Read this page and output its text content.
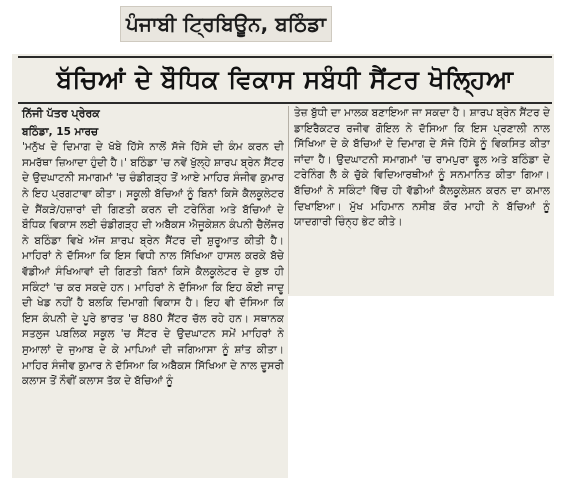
ਪੰਜਾਬੀ ਟ੍ਰਿਬਿਊਨ, ਬਠਿੰਡਾ
ਬੱਚਿਆਂ ਦੇ ਬੌਧਿਕ ਵਿਕਾਸ ਸਬੰਧੀ ਸੈਂਟਰ ਖੋਲ੍ਹਿਆ
ਨਿੱਜੀ ਪੱਤਰ ਪ੍ਰੇਰਕ
ਬਠਿੰਡਾ, 15 ਮਾਰਚ

'ਮਨੁੱਖ ਦੇ ਦਿਮਾਗ ਦੇ ਖੱਬੇ ਹਿੱਸੇ ਨਾਲੋਂ ਸੱਜੇ ਹਿੱਸੇ ਦੀ ਕੰਮ ਕਰਨ ਦੀ ਸਮਰੱਥਾ ਜ਼ਿਆਦਾ ਹੁੰਦੀ ਹੈ।' ਬਠਿੰਡਾ 'ਚ ਨਵੇਂ ਖੁੱਲ੍ਹੇ ਸ਼ਾਰਪ ਬ੍ਰੇਨ ਸੈਂਟਰ ਦੇ ਉਦਘਾਟਨੀ ਸਮਾਗਮਾਂ 'ਚ ਚੰਡੀਗੜ੍ਹ ਤੋਂ ਆਏ ਮਾਹਿਰ ਸੰਜੀਵ ਕੁਮਾਰ ਨੇ ਇਹ ਪ੍ਰਗਟਾਵਾ ਕੀਤਾ। ਸਕੂਲੀ ਬੱਚਿਆਂ ਨੂੰ ਬਿਨਾਂ ਕਿਸੇ ਕੈਲਕੂਲੇਟਰ ਦੇ ਸੈਂਕੜੇ/ਹਜ਼ਾਰਾਂ ਦੀ ਗਿਣਤੀ ਕਰਨ ਦੀ ਟਰੇਨਿੰਗ ਅਤੇ ਬੱਚਿਆਂ ਦੇ ਬੌਧਿਕ ਵਿਕਾਸ ਲਈ ਚੰਡੀਗੜ੍ਹ ਦੀ ਅਬੈਕਸ ਐਜੂਕੇਸ਼ਨ ਕੰਪਨੀ ਚੈਲੇਂਜਰ ਨੇ ਬਠਿੰਡਾ ਵਿਖੇ ਅੱਜ ਸ਼ਾਰਪ ਬ੍ਰੇਨ ਸੈਂਟਰ ਦੀ ਸ਼ੁਰੂਆਤ ਕੀਤੀ ਹੈ। ਮਾਹਿਰਾਂ ਨੇ ਦੱਸਿਆ ਕਿ ਇਸ ਵਿਧੀ ਨਾਲ ਸਿੱਖਿਆ ਹਾਸਲ ਕਰਕੇ ਬੱਚੇ ਵੱਡੀਆਂ ਸੰਖਿਆਵਾਂ ਦੀ ਗਿਣਤੀ ਬਿਨਾਂ ਕਿਸੇ ਕੈਲਕੂਲੇਟਰ ਦੇ ਕੁਝ ਹੀ ਸਕਿੰਟਾਂ 'ਚ ਕਰ ਸਕਦੇ ਹਨ। ਮਾਹਿਰਾਂ ਨੇ ਦੱਸਿਆ ਕਿ ਇਹ ਕੋਈ ਜਾਦੂ ਦੀ ਖੇਡ ਨਹੀਂ ਹੈ ਬਲਕਿ ਦਿਮਾਗੀ ਵਿਕਾਸ ਹੈ। ਇਹ ਵੀ ਦੱਸਿਆ ਕਿ ਇਸ ਕੰਪਨੀ ਦੇ ਪੂਰੇ ਭਾਰਤ 'ਚ 880 ਸੈਂਟਰ ਚੱਲ ਰਹੇ ਹਨ। ਸਥਾਨਕ ਸਤਲੁਜ ਪਬਲਿਕ ਸਕੂਲ 'ਚ ਸੈਂਟਰ ਦੇ ਉਦਘਾਟਨ ਸਮੇਂ ਮਾਹਿਰਾਂ ਨੇ ਸੁਆਲਾਂ ਦੇ ਜੁਆਬ ਦੇ ਕੇ ਮਾਪਿਆਂ ਦੀ ਜਗਿਆਸਾ ਨੂੰ ਸ਼ਾਂਤ ਕੀਤਾ। ਮਾਹਿਰ ਸੰਜੀਵ ਕੁਮਾਰ ਨੇ ਦੱਸਿਆ ਕਿ ਅਬੈਕਸ ਸਿੱਖਿਆ ਦੇ ਨਾਲ ਦੂਸਰੀ ਕਲਾਸ ਤੋਂ ਨੌਵੀਂ ਕਲਾਸ ਤੱਕ ਦੇ ਬੱਚਿਆਂ ਨੂੰ

ਤੇਜ਼ ਬੁੱਧੀ ਦਾ ਮਾਲਕ ਬਣਾਇਆ ਜਾ ਸਕਦਾ ਹੈ। ਸ਼ਾਰਪ ਬ੍ਰੇਨ ਸੈਂਟਰ ਦੇ ਡਾਇਰੈਕਟਰ ਰਜੀਵ ਗੋਇਲ ਨੇ ਦੱਸਿਆ ਕਿ ਇਸ ਪ੍ਰਣਾਲੀ ਨਾਲ ਸਿੱਖਿਆ ਦੇ ਕੇ ਬੱਚਿਆਂ ਦੇ ਦਿਮਾਗ ਦੇ ਸੱਜੇ ਹਿੱਸੇ ਨੂੰ ਵਿਕਸਿਤ ਕੀਤਾ ਜਾਂਦਾ ਹੈ। ਉਦਘਾਟਨੀ ਸਮਾਗਮਾਂ 'ਚ ਰਾਮਪੁਰਾ ਫੂਲ ਅਤੇ ਬਠਿੰਡਾ ਦੇ ਟਰੇਨਿੰਗ ਲੈ ਕੇ ਚੁੱਕੇ ਵਿਦਿਆਰਥੀਆਂ ਨੂੰ ਸਨਮਾਨਿਤ ਕੀਤਾ ਗਿਆ। ਬੱਚਿਆਂ ਨੇ ਸਕਿੰਟਾਂ ਵਿੱਚ ਹੀ ਵੱਡੀਆਂ ਕੈਲਕੂਲੇਸ਼ਨ ਕਰਨ ਦਾ ਕਮਾਲ ਦਿਖਾਇਆ। ਮੁੱਖ ਮਹਿਮਾਨ ਨਸੀਬ ਕੌਰ ਮਾਹੀ ਨੇ ਬੱਚਿਆਂ ਨੂੰ ਯਾਦਗਾਰੀ ਚਿੰਨ੍ਹ ਭੇਟ ਕੀਤੇ।
